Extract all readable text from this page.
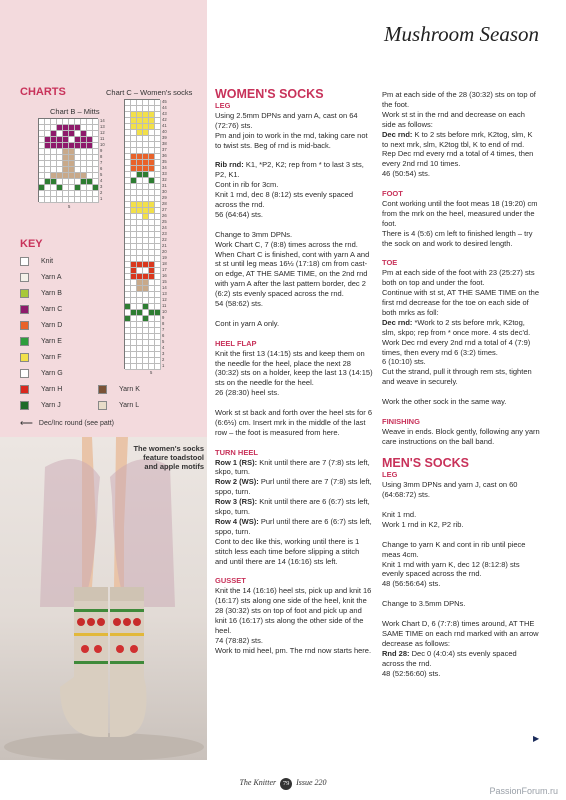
Mushroom Season
CHARTS	Chart C – Women's socks
Chart B – Mitts
14
13
12
11
10
9
8
7
6
5
4
3
2
1
5
45
44
43
42
41
40
39
38
37
36
35
34
33
32
31
30
29
28
27
26
25
24
23
22
21
20
19
18
17
16
15
14
13
12
11
10
9
8
7
6
5
4
3
2
1
5
KEY
Knit
Yarn A
Yarn B
Yarn C
Yarn D
Yarn E
Yarn F
Yarn G
Yarn H	Yarn K
Yarn J	Yarn L
⟵ Dec/Inc round (see patt)
The women's socks feature toadstool and apple motifs

WOMEN'S SOCKS

LEG

Using 2.5mm DPNs and yarn A, cast on 64 (72:76) sts.

Pm and join to work in the rnd, taking care not to twist sts. Beg of rnd is mid-back.

Rib rnd: K1, *P2, K2; rep from * to last 3 sts, P2, K1.

Cont in rib for 3cm.

Knit 1 rnd, dec 8 (8:12) sts evenly spaced across the rnd.

56 (64:64) sts.

Change to 3mm DPNs.

Work Chart C, 7 (8:8) times across the rnd. When Chart C is finished, cont with yarn A and st st until leg meas 16½ (17:18) cm from cast-on edge, AT THE SAME TIME, on the 2nd rnd with yarn A after the last pattern border, dec 2 (6:2) sts evenly spaced across the rnd.

54 (58:62) sts.

Cont in yarn A only.

HEEL FLAP

Knit the first 13 (14:15) sts and keep them on the needle for the heel, place the next 28 (30:32) sts on a holder, keep the last 13 (14:15) sts on the needle for the heel.

26 (28:30) heel sts.

Work st st back and forth over the heel sts for 6 (6:6½) cm. Insert mrk in the middle of the last row – the foot is measured from here.

TURN HEEL

Row 1 (RS): Knit until there are 7 (7:8) sts left, skpo, turn.

Row 2 (WS): Purl until there are 7 (7:8) sts left, sppo, turn.

Row 3 (RS): Knit until there are 6 (6:7) sts left, skpo, turn.

Row 4 (WS): Purl until there are 6 (6:7) sts left, sppo, turn.

Cont to dec like this, working until there is 1 stitch less each time before slipping a stitch and until there are 14 (16:16) sts left.

GUSSET

Knit the 14 (16:16) heel sts, pick up and knit 16 (16:17) sts along one side of the heel, knit the 28 (30:32) sts on top of foot and pick up and knit 16 (16:17) sts along the other side of the heel.

74 (78:82) sts.

Work to mid heel, pm. The rnd now starts here.

Pm at each side of the 28 (30:32) sts on top of the foot.

Work st st in the rnd and decrease on each side as follows:

Dec rnd: K to 2 sts before mrk, K2tog, slm, K to next mrk, slm, K2tog tbl, K to end of rnd.

Rep Dec rnd every rnd a total of 4 times, then every 2nd rnd 10 times.

46 (50:54) sts.

FOOT

Cont working until the foot meas 18 (19:20) cm from the mrk on the heel, measured under the foot.

There is 4 (5:6) cm left to finished length – try the sock on and work to desired length.

TOE

Pm at each side of the foot with 23 (25:27) sts both on top and under the foot.

Continue with st st, AT THE SAME TIME on the first rnd decrease for the toe on each side of both mrks as foll:

Dec rnd: *Work to 2 sts before mrk, K2tog, slm, skpo; rep from * once more. 4 sts dec'd.

Work Dec rnd every 2nd rnd a total of 4 (7:9) times, then every rnd 6 (3:2) times.

6 (10:10) sts.

Cut the strand, pull it through rem sts, tighten and weave in securely.

Work the other sock in the same way.

FINISHING

Weave in ends. Block gently, following any yarn care instructions on the ball band.

MEN'S SOCKS

LEG

Using 3mm DPNs and yarn J, cast on 60 (64:68:72) sts.

Knit 1 rnd.

Work 1 rnd in K2, P2 rib.

Change to yarn K and cont in rib until piece meas 4cm.

Knit 1 rnd with yarn K, dec 12 (8:12:8) sts evenly spaced across the rnd.

48 (56:56:64) sts.

Change to 3.5mm DPNs.

Work Chart D, 6 (7:7:8) times around, AT THE SAME TIME on each rnd marked with an arrow decrease as follows:

Rnd 28: Dec 0 (4:0:4) sts evenly spaced across the rnd.

48 (52:56:60) sts.

▶
The Knitter 79 Issue 220
PassionForum.ru
